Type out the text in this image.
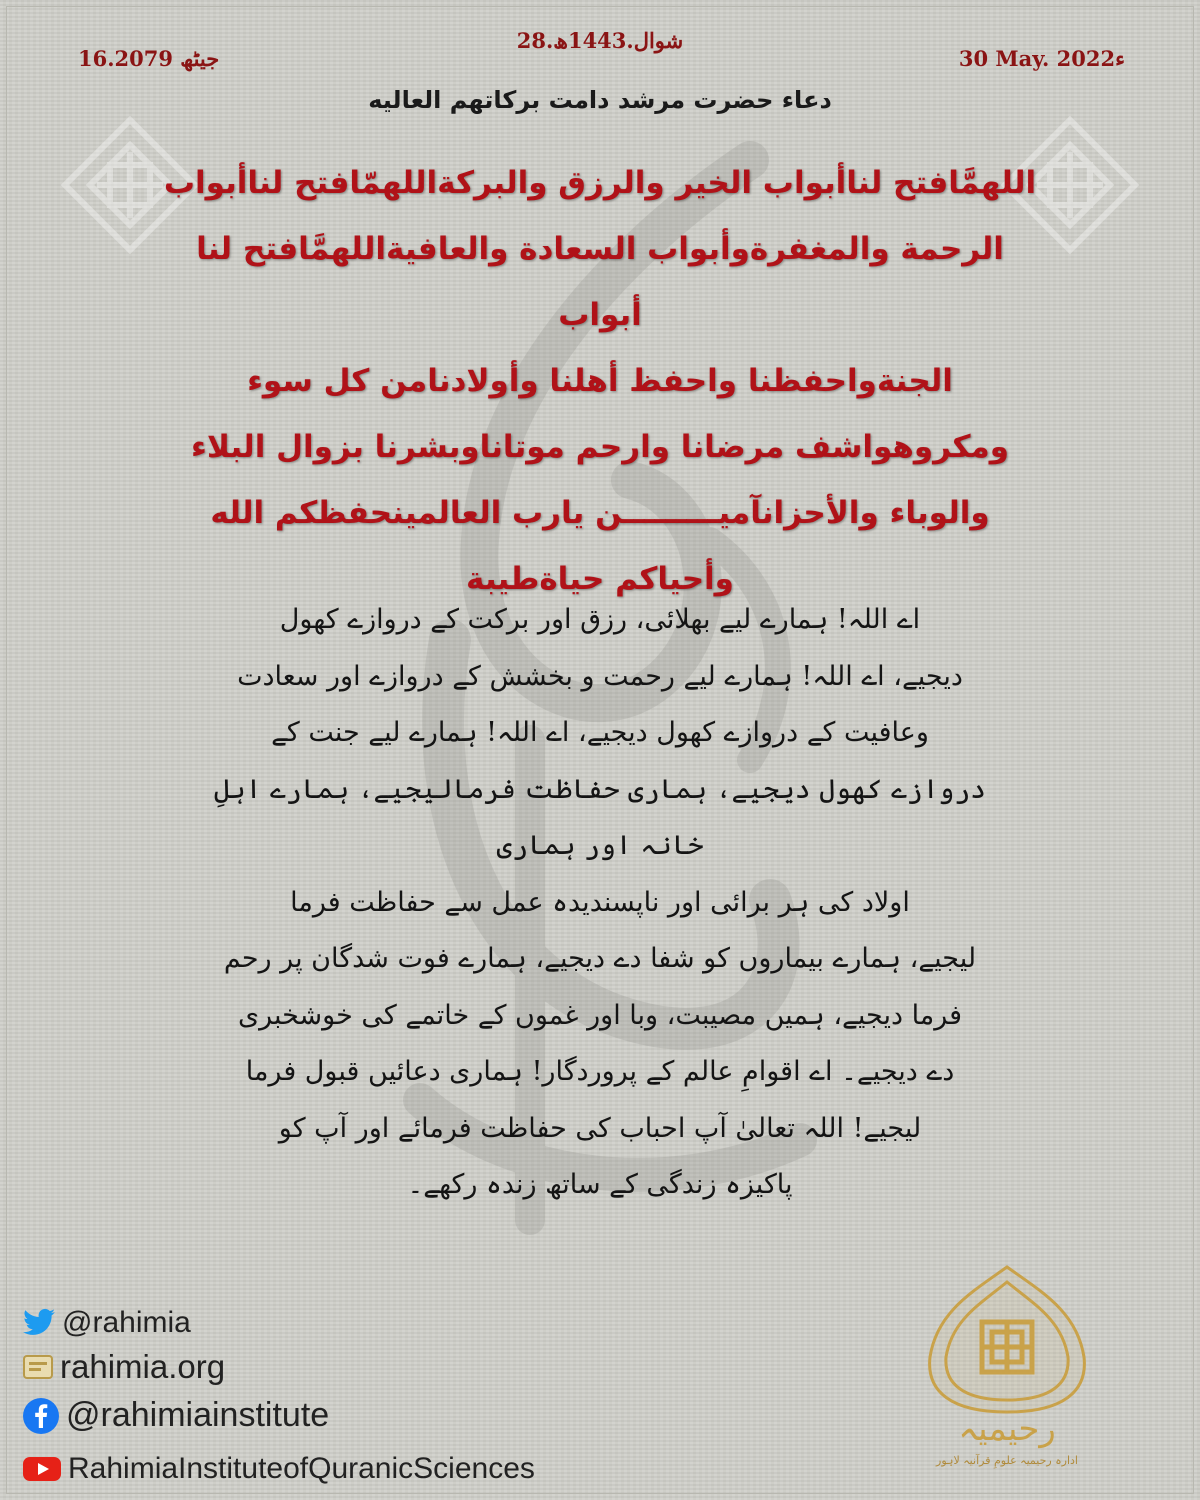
28.شوال.1443ھ
16.جیٹھ 2079	30 May. 2022ء
دعاء حضرت مرشد دامت برکاتهم العاليه
اللهمَّافتح لناأبواب الخير والرزق والبركةاللهمّافتح لناأبواب
الرحمة والمغفرةوأبواب السعادة والعافيةاللهمَّافتح لنا أبواب
الجنةواحفظنا واحفظ أهلنا وأولادنامن كل سوء
ومكروهواشف مرضانا وارحم موتاناوبشرنا بزوال البلاء
والوباء والأحزانآميـــــــــن يارب العالمينحفظكم الله
وأحياكم حياةطيبة
اے اللہ! ہمارے لیے بھلائی، رزق اور برکت کے دروازے کھول
دیجیے، اے اللہ! ہمارے لیے رحمت و بخشش کے دروازے اور سعادت
وعافیت کے دروازے کھول دیجیے، اے اللہ! ہمارے لیے جنت کے
دروازے کھول دیجیے، ہماری حفاظت فرمالیجیے، ہمارے اہلِ خانہ اور ہماری
اولاد کی ہر برائی اور ناپسندیدہ عمل سے حفاظت فرما
لیجیے، ہمارے بیماروں کو شفا دے دیجیے، ہمارے فوت شدگان پر رحم
فرما دیجیے، ہمیں مصیبت، وبا اور غموں کے خاتمے کی خوشخبری
دے دیجیے۔ اے اقوامِ عالم کے پروردگار! ہماری دعائیں قبول فرما
لیجیے! اللہ تعالیٰ آپ احباب کی حفاظت فرمائے اور آپ کو
پاکیزہ زندگی کے ساتھ زندہ رکھے۔
@rahimia
rahimia.org
@rahimiainstitute
RahimiaInstituteofQuranicSciences
رحیمیہ
ادارہ رحیمیہ علومِ قرآنیہ لاہور
